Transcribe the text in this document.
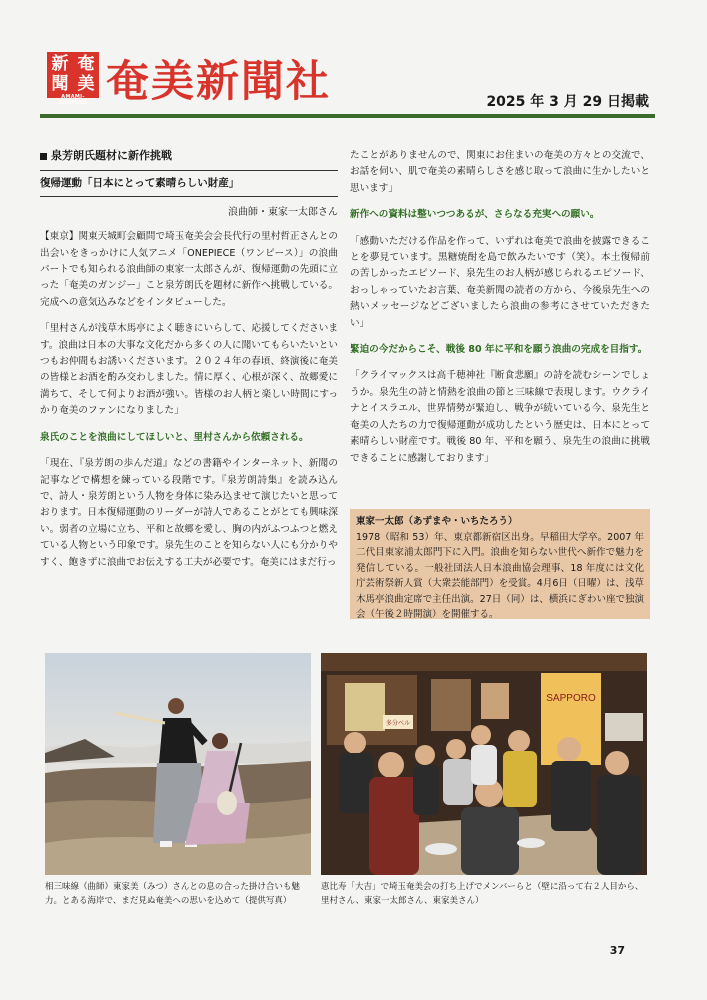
新 奄
聞 美
AMAMI-SHIMBUN 奄美新聞社	2025 年 3 月 29 日掲載
泉芳朗氏題材に新作挑戦
復帰運動「日本にとって素晴らしい財産」
浪曲師・東家一太郎さん

【東京】関東天城町会顧問で埼玉奄美会会長代行の里村哲正さんとの出会いをきっかけに人気アニメ「ONEPIECE（ワンピース）」の浪曲パートでも知られる浪曲師の東家一太郎さんが、復帰運動の先頭に立った「奄美のガンジー」こと泉芳朗氏を題材に新作へ挑戦している。完成への意気込みなどをインタビューした。

「里村さんが浅草木馬亭によく聴きにいらして、応援してくださいます。浪曲は日本の大事な文化だから多くの人に聞いてもらいたいといつもお仲間もお誘いくださいます。２０２４年の春頃、終演後に奄美の皆様とお酒を酌み交わしました。情に厚く、心根が深く、故郷愛に満ちて、そして何よりお酒が強い。皆様のお人柄と楽しい時間にすっかり奄美のファンになりました」

泉氏のことを浪曲にしてほしいと、里村さんから依頼される。

「現在、『泉芳朗の歩んだ道』などの書籍やインターネット、新聞の記事などで構想を練っている段階です。『泉芳朗詩集』を読み込んで、詩人・泉芳朗という人物を身体に染み込ませて演じたいと思っております。日本復帰運動のリーダーが詩人であることがとても興味深い。弱者の立場に立ち、平和と故郷を愛し、胸の内がふつふつと燃えている人物という印象です。泉先生のことを知らない人にも分かりやすく、飽きずに浪曲でお伝えする工夫が必要です。奄美にはまだ行っ

たことがありませんので、関東にお住まいの奄美の方々との交流で、お話を伺い、肌で奄美の素晴らしさを感じ取って浪曲に生かしたいと思います」

新作への資料は整いつつあるが、さらなる充実への願い。

「感動いただける作品を作って、いずれは奄美で浪曲を披露できることを夢見ています。黒糖焼酎を島で飲みたいです（笑）。本土復帰前の苦しかったエピソード、泉先生のお人柄が感じられるエピソード、おっしゃっていたお言葉、奄美新聞の読者の方から、今後泉先生への熱いメッセージなどございましたら浪曲の参考にさせていただきたい」

緊迫の今だからこそ、戦後 80 年に平和を願う浪曲の完成を目指す。

「クライマックスは高千穂神社『断食悲願』の詩を読むシーンでしょうか。泉先生の詩と情熱を浪曲の節と三味線で表現します。ウクライナとイスラエル、世界情勢が緊迫し、戦争が続いている今、泉先生と奄美の人たちの力で復帰運動が成功したという歴史は、日本にとって素晴らしい財産です。戦後 80 年、平和を願う、泉先生の浪曲に挑戦できることに感謝しております」

東家一太郎（あずまや・いちたろう）
1978（昭和 53）年、東京都新宿区出身。早稲田大学卒。2007 年二代目東家浦太郎門下に入門。浪曲を知らない世代へ新作で魅力を発信している。一般社団法人日本浪曲協会理事、18 年度には文化庁芸術祭新人賞（大衆芸能部門）を受賞。4月6日（日曜）は、浅草木馬亭浪曲定席で主任出演。27日（同）は、横浜にぎわい座で独演会（午後２時開演）を開催する。
SAPPORO
多分ベル
相三味線（曲師）東家美（みつ）さんとの息の合った掛け合いも魅力。とある海岸で、まだ見ぬ奄美への思いを込めて（提供写真）
恵比寿「大吉」で埼玉奄美会の打ち上げでメンバーらと（壁に沿って右２人目から、里村さん、東家一太郎さん、東家美さん）
37
